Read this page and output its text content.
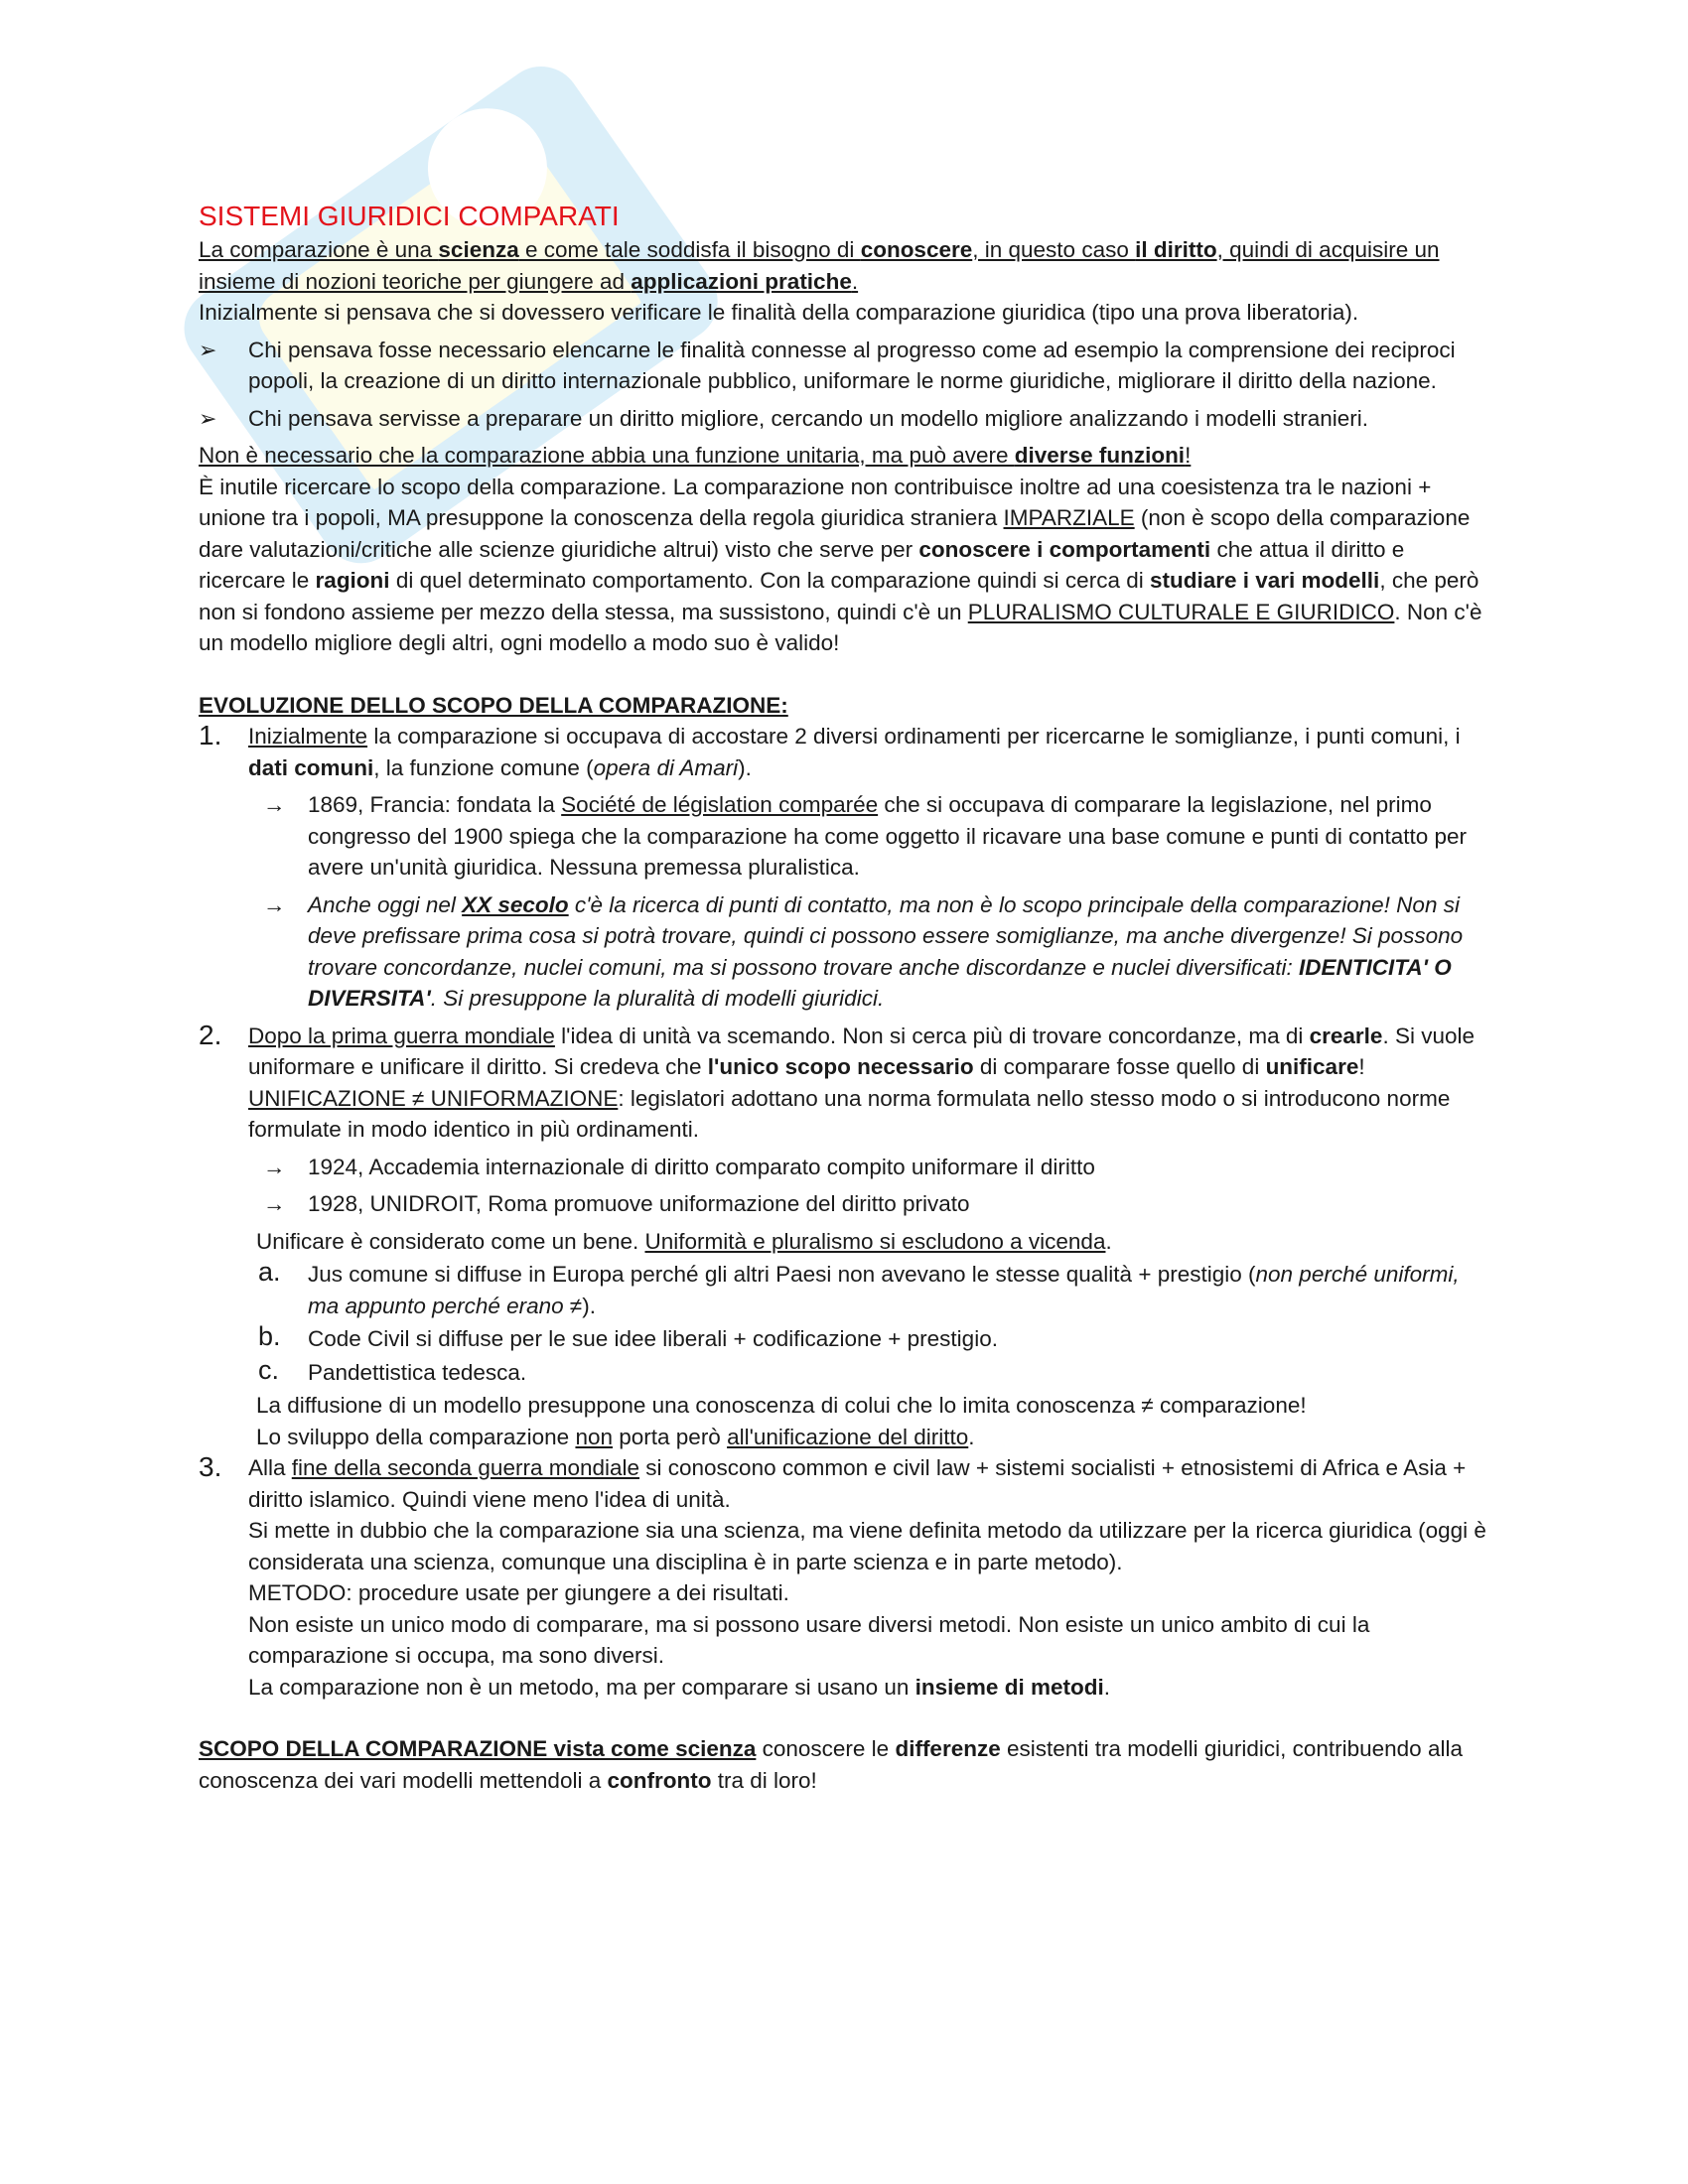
SISTEMI GIURIDICI COMPARATI

La comparazione è una scienza e come tale soddisfa il bisogno di conoscere, in questo caso il diritto, quindi di acquisire un insieme di nozioni teoriche per giungere ad applicazioni pratiche.

Inizialmente si pensava che si dovessero verificare le finalità della comparazione giuridica (tipo una prova liberatoria).

➢ Chi pensava fosse necessario elencarne le finalità connesse al progresso come ad esempio la comprensione dei reciproci popoli, la creazione di un diritto internazionale pubblico, uniformare le norme giuridiche, migliorare il diritto della nazione.
➢ Chi pensava servisse a preparare un diritto migliore, cercando un modello migliore analizzando i modelli stranieri.

Non è necessario che la comparazione abbia una funzione unitaria, ma può avere diverse funzioni!

È inutile ricercare lo scopo della comparazione. La comparazione non contribuisce inoltre ad una coesistenza tra le nazioni + unione tra i popoli, MA presuppone la conoscenza della regola giuridica straniera IMPARZIALE (non è scopo della comparazione dare valutazioni/critiche alle scienze giuridiche altrui) visto che serve per conoscere i comportamenti che attua il diritto e ricercare le ragioni di quel determinato comportamento. Con la comparazione quindi si cerca di studiare i vari modelli, che però non si fondono assieme per mezzo della stessa, ma sussistono, quindi c'è un PLURALISMO CULTURALE E GIURIDICO. Non c'è un modello migliore degli altri, ogni modello a modo suo è valido!

EVOLUZIONE DELLO SCOPO DELLA COMPARAZIONE:

1. Inizialmente la comparazione si occupava di accostare 2 diversi ordinamenti per ricercarne le somiglianze, i punti comuni, i dati comuni, la funzione comune (opera di Amari).
→ 1869, Francia: fondata la Société de législation comparée che si occupava di comparare la legislazione, nel primo congresso del 1900 spiega che la comparazione ha come oggetto il ricavare una base comune e punti di contatto per avere un'unità giuridica. Nessuna premessa pluralistica.
→ Anche oggi nel XX secolo c'è la ricerca di punti di contatto, ma non è lo scopo principale della comparazione! Non si deve prefissare prima cosa si potrà trovare, quindi ci possono essere somiglianze, ma anche divergenze! Si possono trovare concordanze, nuclei comuni, ma si possono trovare anche discordanze e nuclei diversificati: IDENTICITA' O DIVERSITA'. Si presuppone la pluralità di modelli giuridici.
2. Dopo la prima guerra mondiale l'idea di unità va scemando. Non si cerca più di trovare concordanze, ma di crearle. Si vuole uniformare e unificare il diritto. Si credeva che l'unico scopo necessario di comparare fosse quello di unificare! UNIFICAZIONE ≠ UNIFORMAZIONE: legislatori adottano una norma formulata nello stesso modo o si introducono norme formulate in modo identico in più ordinamenti.
→ 1924, Accademia internazionale di diritto comparato compito uniformare il diritto
→ 1928, UNIDROIT, Roma promuove uniformazione del diritto privato

Unificare è considerato come un bene. Uniformità e pluralismo si escludono a vicenda.

a. Jus comune si diffuse in Europa perché gli altri Paesi non avevano le stesse qualità + prestigio (non perché uniformi, ma appunto perché erano ≠).
b. Code Civil si diffuse per le sue idee liberali + codificazione + prestigio.
c. Pandettistica tedesca.

La diffusione di un modello presuppone una conoscenza di colui che lo imita conoscenza ≠ comparazione!

Lo sviluppo della comparazione non porta però all'unificazione del diritto.

3. Alla fine della seconda guerra mondiale si conoscono common e civil law + sistemi socialisti + etnosistemi di Africa e Asia + diritto islamico. Quindi viene meno l'idea di unità.
Si mette in dubbio che la comparazione sia una scienza, ma viene definita metodo da utilizzare per la ricerca giuridica (oggi è considerata una scienza, comunque una disciplina è in parte scienza e in parte metodo).
METODO: procedure usate per giungere a dei risultati.
Non esiste un unico modo di comparare, ma si possono usare diversi metodi. Non esiste un unico ambito di cui la comparazione si occupa, ma sono diversi.
La comparazione non è un metodo, ma per comparare si usano un insieme di metodi.

SCOPO DELLA COMPARAZIONE vista come scienza conoscere le differenze esistenti tra modelli giuridici, contribuendo alla conoscenza dei vari modelli mettendoli a confronto tra di loro!
